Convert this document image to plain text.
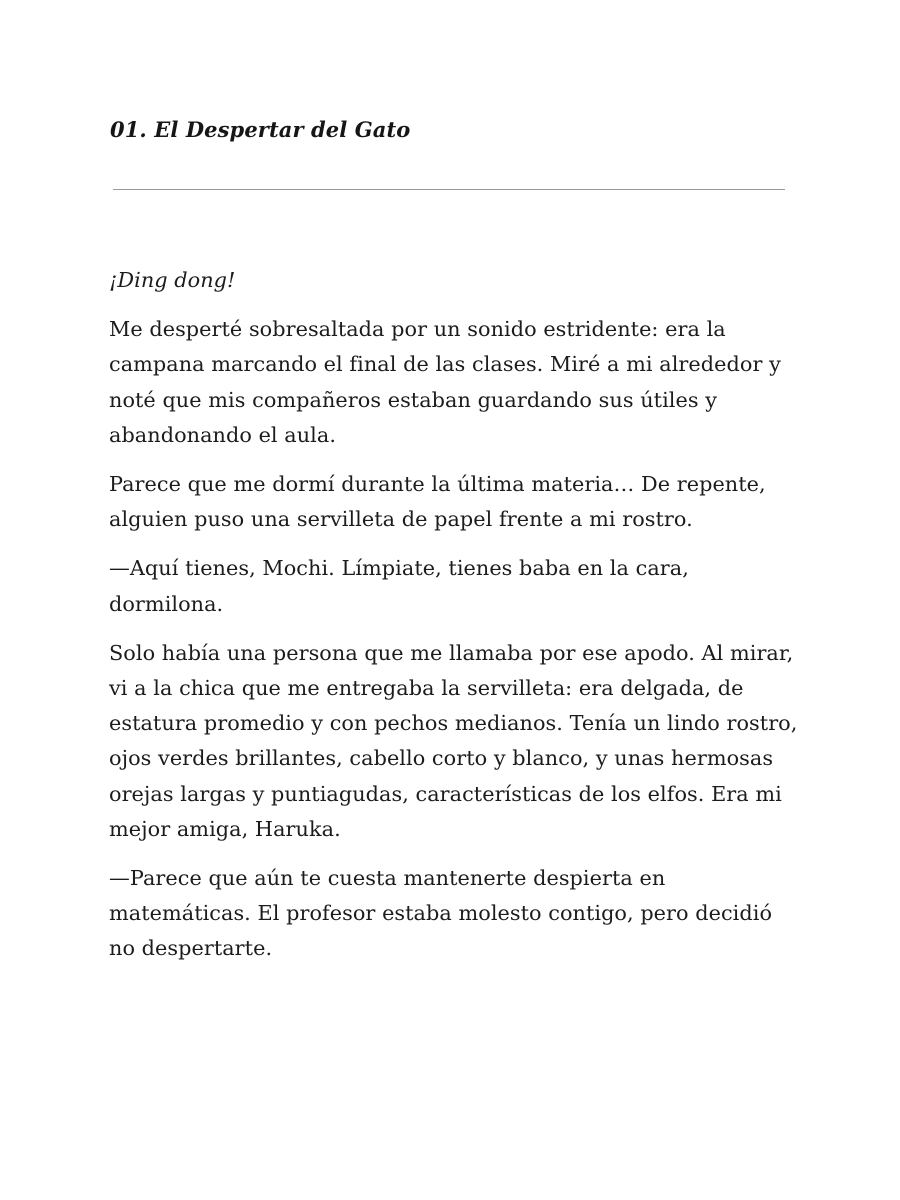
01. El Despertar del Gato

¡Ding dong!

Me desperté sobresaltada por un sonido estridente: era la campana marcando el final de las clases. Miré a mi alrededor y noté que mis compañeros estaban guardando sus útiles y abandonando el aula.

Parece que me dormí durante la última materia… De repente, alguien puso una servilleta de papel frente a mi rostro.

—Aquí tienes, Mochi. Límpiate, tienes baba en la cara, dormilona.

Solo había una persona que me llamaba por ese apodo. Al mirar, vi a la chica que me entregaba la servilleta: era delgada, de estatura promedio y con pechos medianos. Tenía un lindo rostro, ojos verdes brillantes, cabello corto y blanco, y unas hermosas orejas largas y puntiagudas, características de los elfos. Era mi mejor amiga, Haruka.

—Parece que aún te cuesta mantenerte despierta en matemáticas. El profesor estaba molesto contigo, pero decidió no despertarte.
